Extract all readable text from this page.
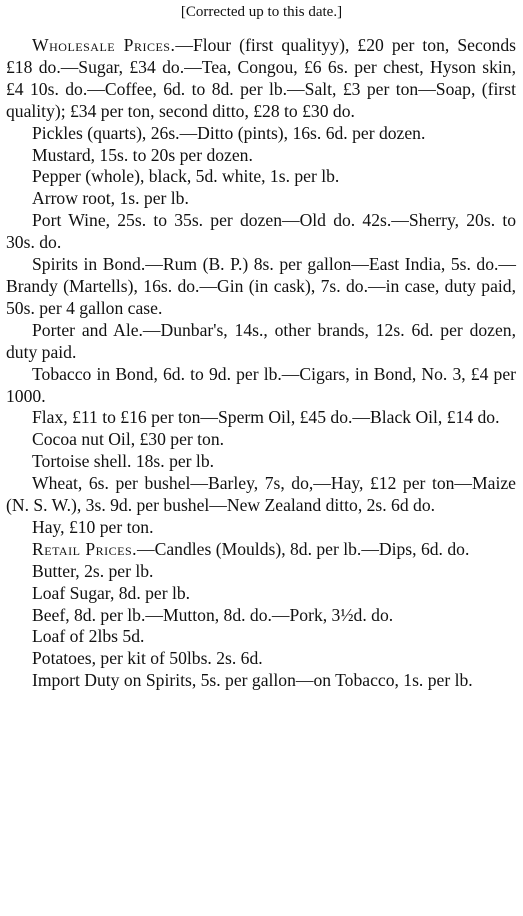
[Corrected up to this date.]

Wholesale Prices.—Flour (first qualityy), £20 per ton, Seconds £18 do.—Sugar, £34 do.—Tea, Congou, £6 6s. per chest, Hyson skin, £4 10s. do.—Coffee, 6d. to 8d. per lb.—Salt, £3 per ton—Soap, (first quality); £34 per ton, second ditto, £28 to £30 do.

Pickles (quarts), 26s.—Ditto (pints), 16s. 6d. per dozen.

Mustard, 15s. to 20s per dozen.

Pepper (whole), black, 5d. white, 1s. per lb.

Arrow root, 1s. per lb.

Port Wine, 25s. to 35s. per dozen—Old do. 42s.—Sherry, 20s. to 30s. do.

Spirits in Bond.—Rum (B. P.) 8s. per gallon—East India, 5s. do.—Brandy (Martells), 16s. do.—Gin (in cask), 7s. do.—in case, duty paid, 50s. per 4 gallon case.

Porter and Ale.—Dunbar's, 14s., other brands, 12s. 6d. per dozen, duty paid.

Tobacco in Bond, 6d. to 9d. per lb.—Cigars, in Bond, No. 3, £4 per 1000.

Flax, £11 to £16 per ton—Sperm Oil, £45 do.—Black Oil, £14 do.

Cocoa nut Oil, £30 per ton.

Tortoise shell. 18s. per lb.

Wheat, 6s. per bushel—Barley, 7s, do,—Hay, £12 per ton—Maize (N. S. W.), 3s. 9d. per bushel—New Zealand ditto, 2s. 6d do.

Hay, £10 per ton.

Retail Prices.—Candles (Moulds), 8d. per lb.—Dips, 6d. do.

Butter, 2s. per lb.

Loaf Sugar, 8d. per lb.

Beef, 8d. per lb.—Mutton, 8d. do.—Pork, 3½d. do.

Loaf of 2lbs 5d.

Potatoes, per kit of 50lbs. 2s. 6d.

Import Duty on Spirits, 5s. per gallon—on Tobacco, 1s. per lb.
